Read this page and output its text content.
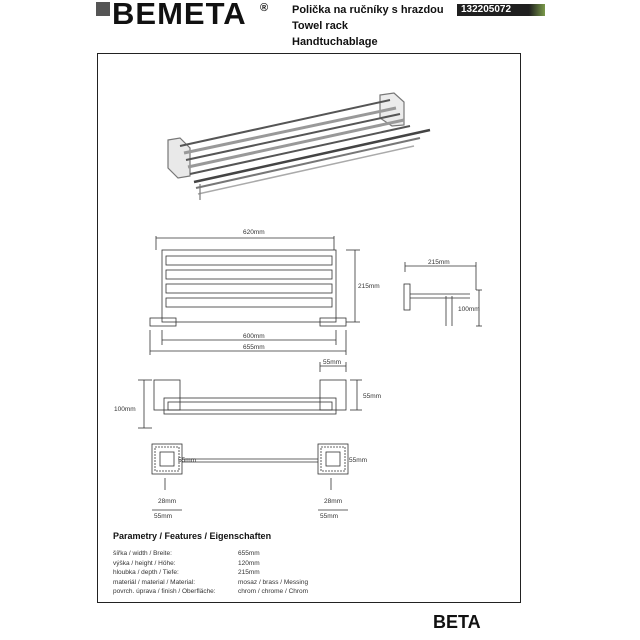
BEMETA ® Polička na ručníky s hrazdou
Towel rack
Handtuchablage
132205072
620mm
215mm
600mm
655mm
215mm
100mm
55mm
55mm
100mm
55mm	55mm
28mm	28mm
55mm	55mm
Parametry / Features / Eigenschaften
šířka / width / Breite:	655mm
výška / height / Höhe:	120mm
hloubka / depth / Tiefe:	215mm
materiál / material / Material:	mosaz / brass / Messing
povrch. úprava / finish / Oberfläche:	chrom / chrome / Chrom
BETA
